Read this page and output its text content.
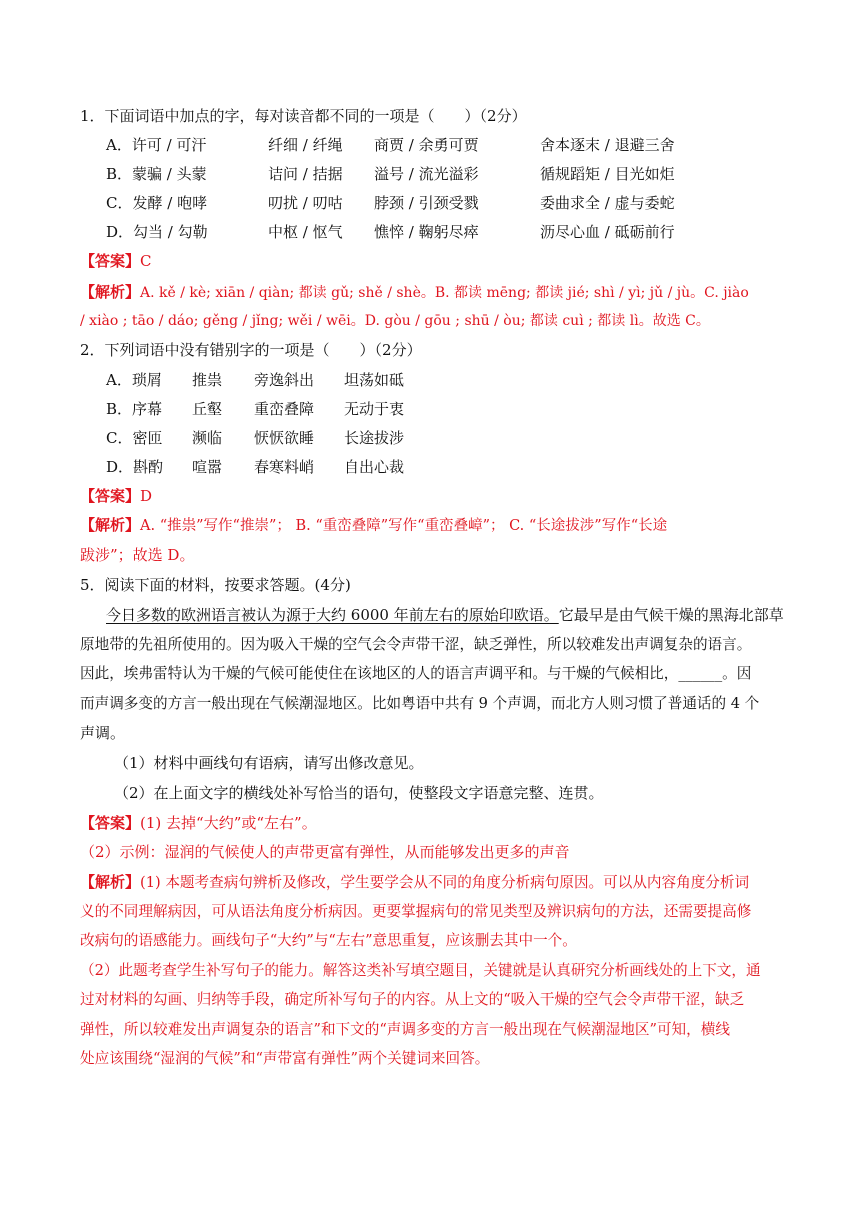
1．下面词语中加点的字，每对读音都不同的一项是（　　）（2分）
A．许可 / 可汗	纤细 / 纤绳 商贾 / 余勇可贾	舍本逐末 / 退避三舍
B．蒙骗 / 头蒙	诘问 / 拮据 溢号 / 流光溢彩	循规蹈矩 / 目光如炬
C．发酵 / 咆哮	叨扰 / 叨咕 脖颈 / 引颈受戮	委曲求全 / 虚与委蛇
D．勾当 / 勾勒	中枢 / 怄气 憔悴 / 鞠躬尽瘁	沥尽心血 / 砥砺前行
【答案】C
【解析】A. kě / kè; xiān / qiàn; 都读 gǔ; shě / shè。B. 都读 mēng; 都读 jié; shì / yì; jǔ / jù。C. jiào
/ xiào ; tāo / dáo; gěng / jǐng; wěi / wēi。D. gòu / gōu ; shū / òu; 都读 cuì ; 都读 lì。故选 C。
2．下列词语中没有错别字的一项是（　　）（2分）
A．琐屑 推祟 旁逸斜出 坦荡如砥
B．序幕 丘壑 重峦叠障 无动于衷
C．密匝 濒临 恹恹欲睡 长途拔涉
D．斟酌 喧嚣 春寒料峭 自出心裁
【答案】D
【解析】A. “推祟”写作“推崇”； B. “重峦叠障”写作“重峦叠嶂”； C. “长途拔涉”写作“长途
跋涉”；故选 D。
5．阅读下面的材料，按要求答题。(4分)
今日多数的欧洲语言被认为源于大约 6000 年前左右的原始印欧语。它最早是由气候干燥的黑海北部草
原地带的先祖所使用的。因为吸入干燥的空气会令声带干涩，缺乏弹性，所以较难发出声调复杂的语言。
因此，埃弗雷特认为干燥的气候可能使住在该地区的人的语言声调平和。与干燥的气候相比，______。因
而声调多变的方言一般出现在气候潮湿地区。比如粤语中共有 9 个声调，而北方人则习惯了普通话的 4 个
声调。
（1）材料中画线句有语病，请写出修改意见。
（2）在上面文字的横线处补写恰当的语句，使整段文字语意完整、连贯。
【答案】(1) 去掉“大约”或“左右”。
（2）示例：湿润的气候使人的声带更富有弹性，从而能够发出更多的声音
【解析】(1) 本题考查病句辨析及修改，学生要学会从不同的角度分析病句原因。可以从内容角度分析词
义的不同理解病因，可从语法角度分析病因。更要掌握病句的常见类型及辨识病句的方法，还需要提高修
改病句的语感能力。画线句子“大约”与“左右”意思重复，应该删去其中一个。
（2）此题考查学生补写句子的能力。解答这类补写填空题目，关键就是认真研究分析画线处的上下文，通
过对材料的勾画、归纳等手段，确定所补写句子的内容。从上文的“吸入干燥的空气会令声带干涩，缺乏
弹性，所以较难发出声调复杂的语言”和下文的“声调多变的方言一般出现在气候潮湿地区”可知，横线
处应该围绕“湿润的气候”和“声带富有弹性”两个关键词来回答。
